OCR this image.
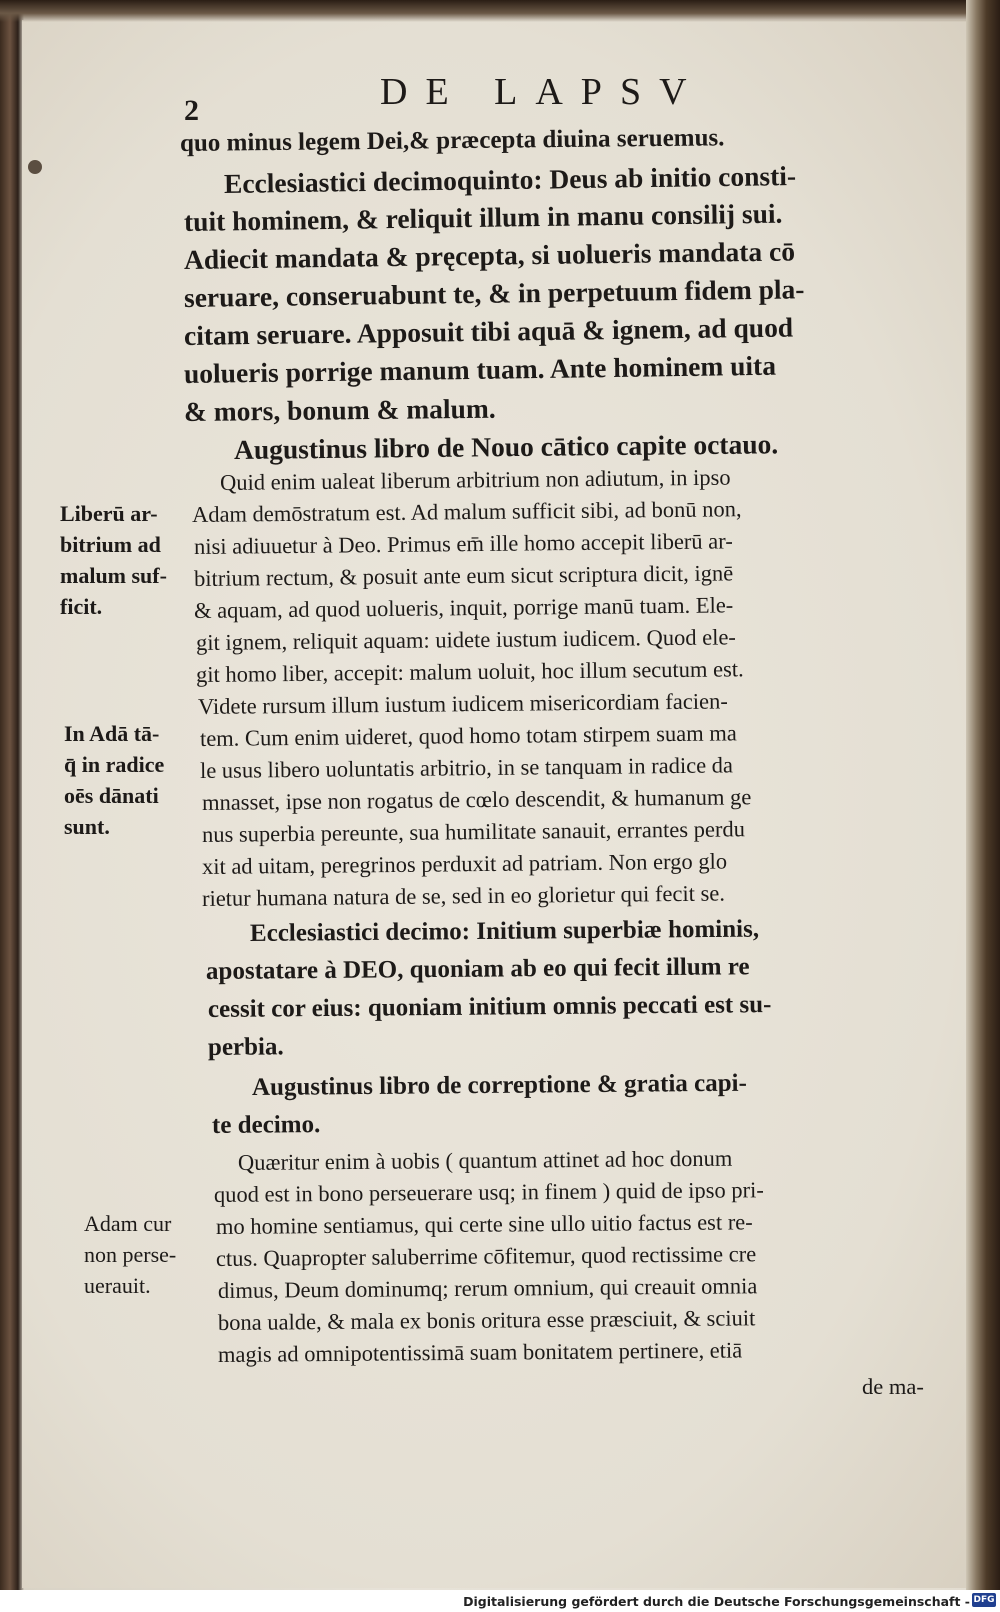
2	DE LAPSV
quo minus legem Dei,& præcepta diuina seruemus.
Ecclesiastici decimoquinto: Deus ab initio consti-
tuit hominem, & reliquit illum in manu consilij sui.
Adiecit mandata & pręcepta, si uolueris mandata cō
seruare, conseruabunt te, & in perpetuum fidem pla-
citam seruare. Apposuit tibi aquā & ignem, ad quod
uolueris porrige manum tuam. Ante hominem uita
& mors, bonum & malum.
Augustinus libro de Nouo cātico capite octauo.
Quid enim ualeat liberum arbitrium non adiutum, in ipso
Adam demōstratum est. Ad malum sufficit sibi, ad bonū non,
nisi adiuuetur à Deo. Primus em̄ ille homo accepit liberū ar-
bitrium rectum, & posuit ante eum sicut scriptura dicit, ignē
& aquam, ad quod uolueris, inquit, porrige manū tuam. Ele-
git ignem, reliquit aquam: uidete iustum iudicem. Quod ele-
git homo liber, accepit: malum uoluit, hoc illum secutum est.
Videte rursum illum iustum iudicem misericordiam facien-
tem. Cum enim uideret, quod homo totam stirpem suam ma
le usus libero uoluntatis arbitrio, in se tanquam in radice da
mnasset, ipse non rogatus de cœlo descendit, & humanum ge
nus superbia pereunte, sua humilitate sanauit, errantes perdu
xit ad uitam, peregrinos perduxit ad patriam. Non ergo glo
rietur humana natura de se, sed in eo glorietur qui fecit se.
Ecclesiastici decimo: Initium superbiæ hominis,
apostatare à DEO, quoniam ab eo qui fecit illum re
cessit cor eius: quoniam initium omnis peccati est su-
perbia.
Augustinus libro de correptione & gratia capi-
te decimo.
Quæritur enim à uobis ( quantum attinet ad hoc donum
quod est in bono perseuerare usq; in finem ) quid de ipso pri-
mo homine sentiamus, qui certe sine ullo uitio factus est re-
ctus. Quapropter saluberrime cōfitemur, quod rectissime cre
dimus, Deum dominumq; rerum omnium, qui creauit omnia
bona ualde, & mala ex bonis oritura esse præsciuit, & sciuit
magis ad omnipotentissimā suam bonitatem pertinere, etiā
de ma-
Liberū ar-
bitrium ad
malum suf-
ficit.
In Adā tā-
q̄ in radice
oēs dānati
sunt.
Adam cur
non perse-
uerauit.
Digitalisierung gefördert durch die Deutsche Forschungsgemeinschaft - DFG
